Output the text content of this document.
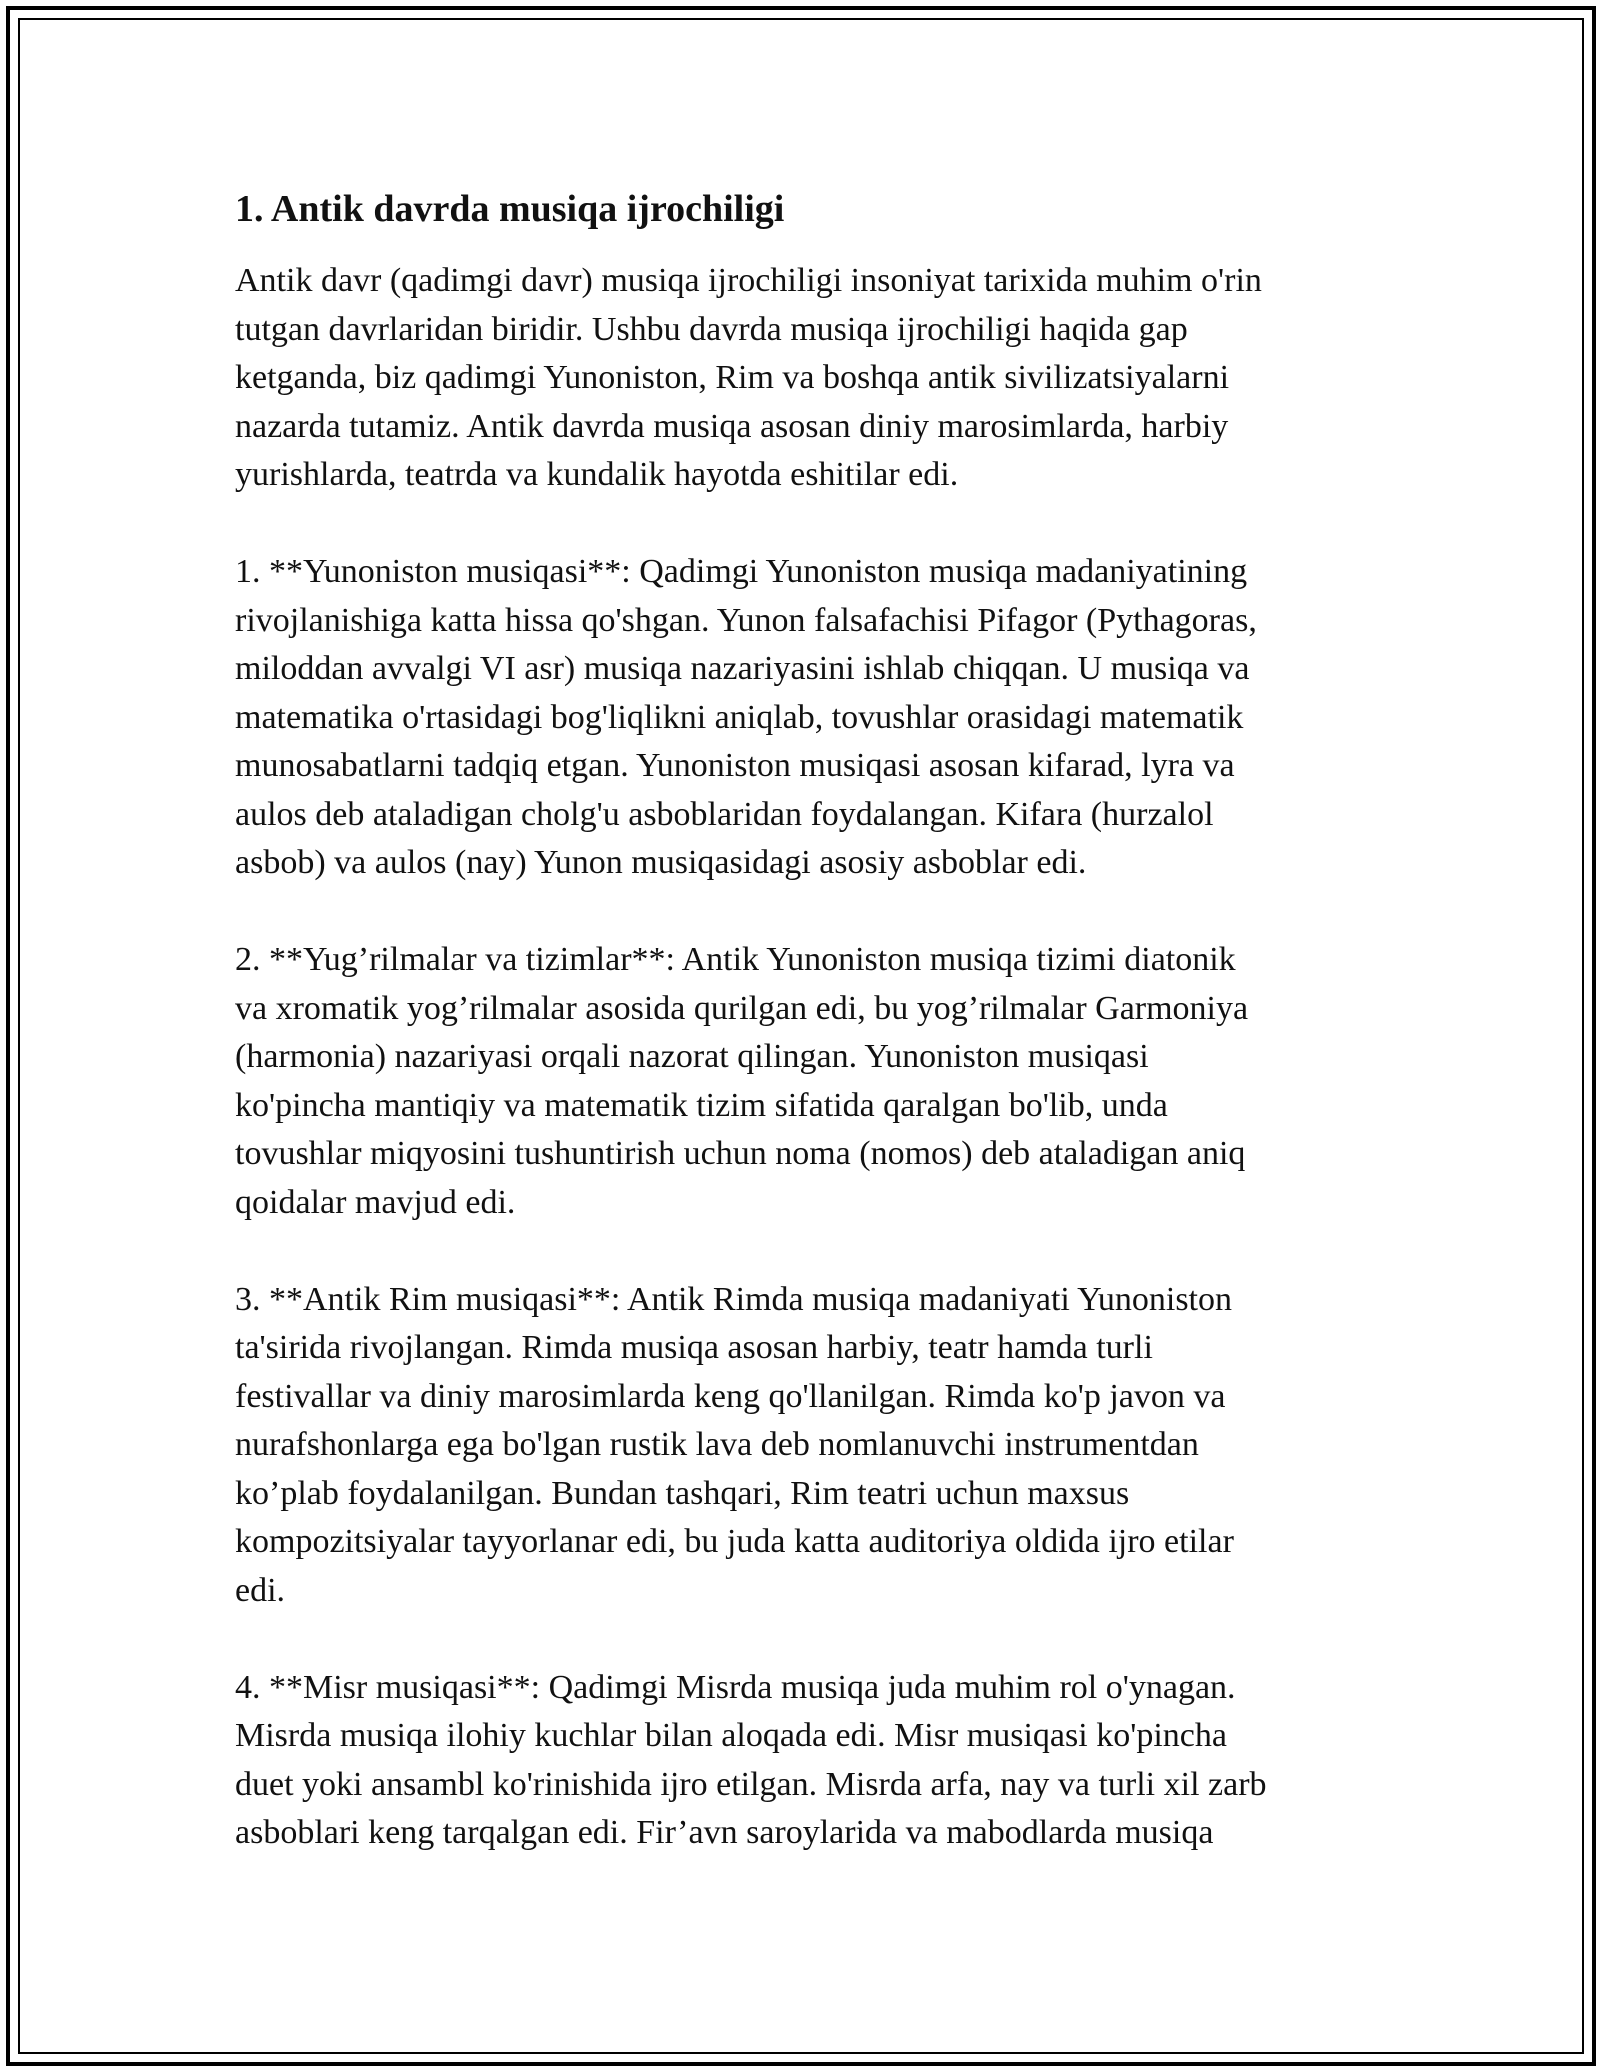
1. Antik davrda musiqa ijrochiligi

Antik davr (qadimgi davr) musiqa ijrochiligi insoniyat tarixida muhim o'rin
tutgan davrlaridan biridir. Ushbu davrda musiqa ijrochiligi haqida gap
ketganda, biz qadimgi Yunoniston, Rim va boshqa antik sivilizatsiyalarni
nazarda tutamiz. Antik davrda musiqa asosan diniy marosimlarda, harbiy
yurishlarda, teatrda va kundalik hayotda eshitilar edi.

1. **Yunoniston musiqasi**: Qadimgi Yunoniston musiqa madaniyatining
rivojlanishiga katta hissa qo'shgan. Yunon falsafachisi Pifagor (Pythagoras,
miloddan avvalgi VI asr) musiqa nazariyasini ishlab chiqqan. U musiqa va
matematika o'rtasidagi bog'liqlikni aniqlab, tovushlar orasidagi matematik
munosabatlarni tadqiq etgan. Yunoniston musiqasi asosan kifarad, lyra va
aulos deb ataladigan cholg'u asboblaridan foydalangan. Kifara (hurzalol
asbob) va aulos (nay) Yunon musiqasidagi asosiy asboblar edi.

2. **Yug’rilmalar va tizimlar**: Antik Yunoniston musiqa tizimi diatonik
va xromatik yog’rilmalar asosida qurilgan edi, bu yog’rilmalar Garmoniya
(harmonia) nazariyasi orqali nazorat qilingan. Yunoniston musiqasi
ko'pincha mantiqiy va matematik tizim sifatida qaralgan bo'lib, unda
tovushlar miqyosini tushuntirish uchun noma (nomos) deb ataladigan aniq
qoidalar mavjud edi.

3. **Antik Rim musiqasi**: Antik Rimda musiqa madaniyati Yunoniston
ta'sirida rivojlangan. Rimda musiqa asosan harbiy, teatr hamda turli
festivallar va diniy marosimlarda keng qo'llanilgan. Rimda ko'p javon va
nurafshonlarga ega bo'lgan rustik lava deb nomlanuvchi instrumentdan
ko’plab foydalanilgan. Bundan tashqari, Rim teatri uchun maxsus
kompozitsiyalar tayyorlanar edi, bu juda katta auditoriya oldida ijro etilar
edi.

4. **Misr musiqasi**: Qadimgi Misrda musiqa juda muhim rol o'ynagan.
Misrda musiqa ilohiy kuchlar bilan aloqada edi. Misr musiqasi ko'pincha
duet yoki ansambl ko'rinishida ijro etilgan. Misrda arfa, nay va turli xil zarb
asboblari keng tarqalgan edi. Fir’avn saroylarida va mabodlarda musiqa
